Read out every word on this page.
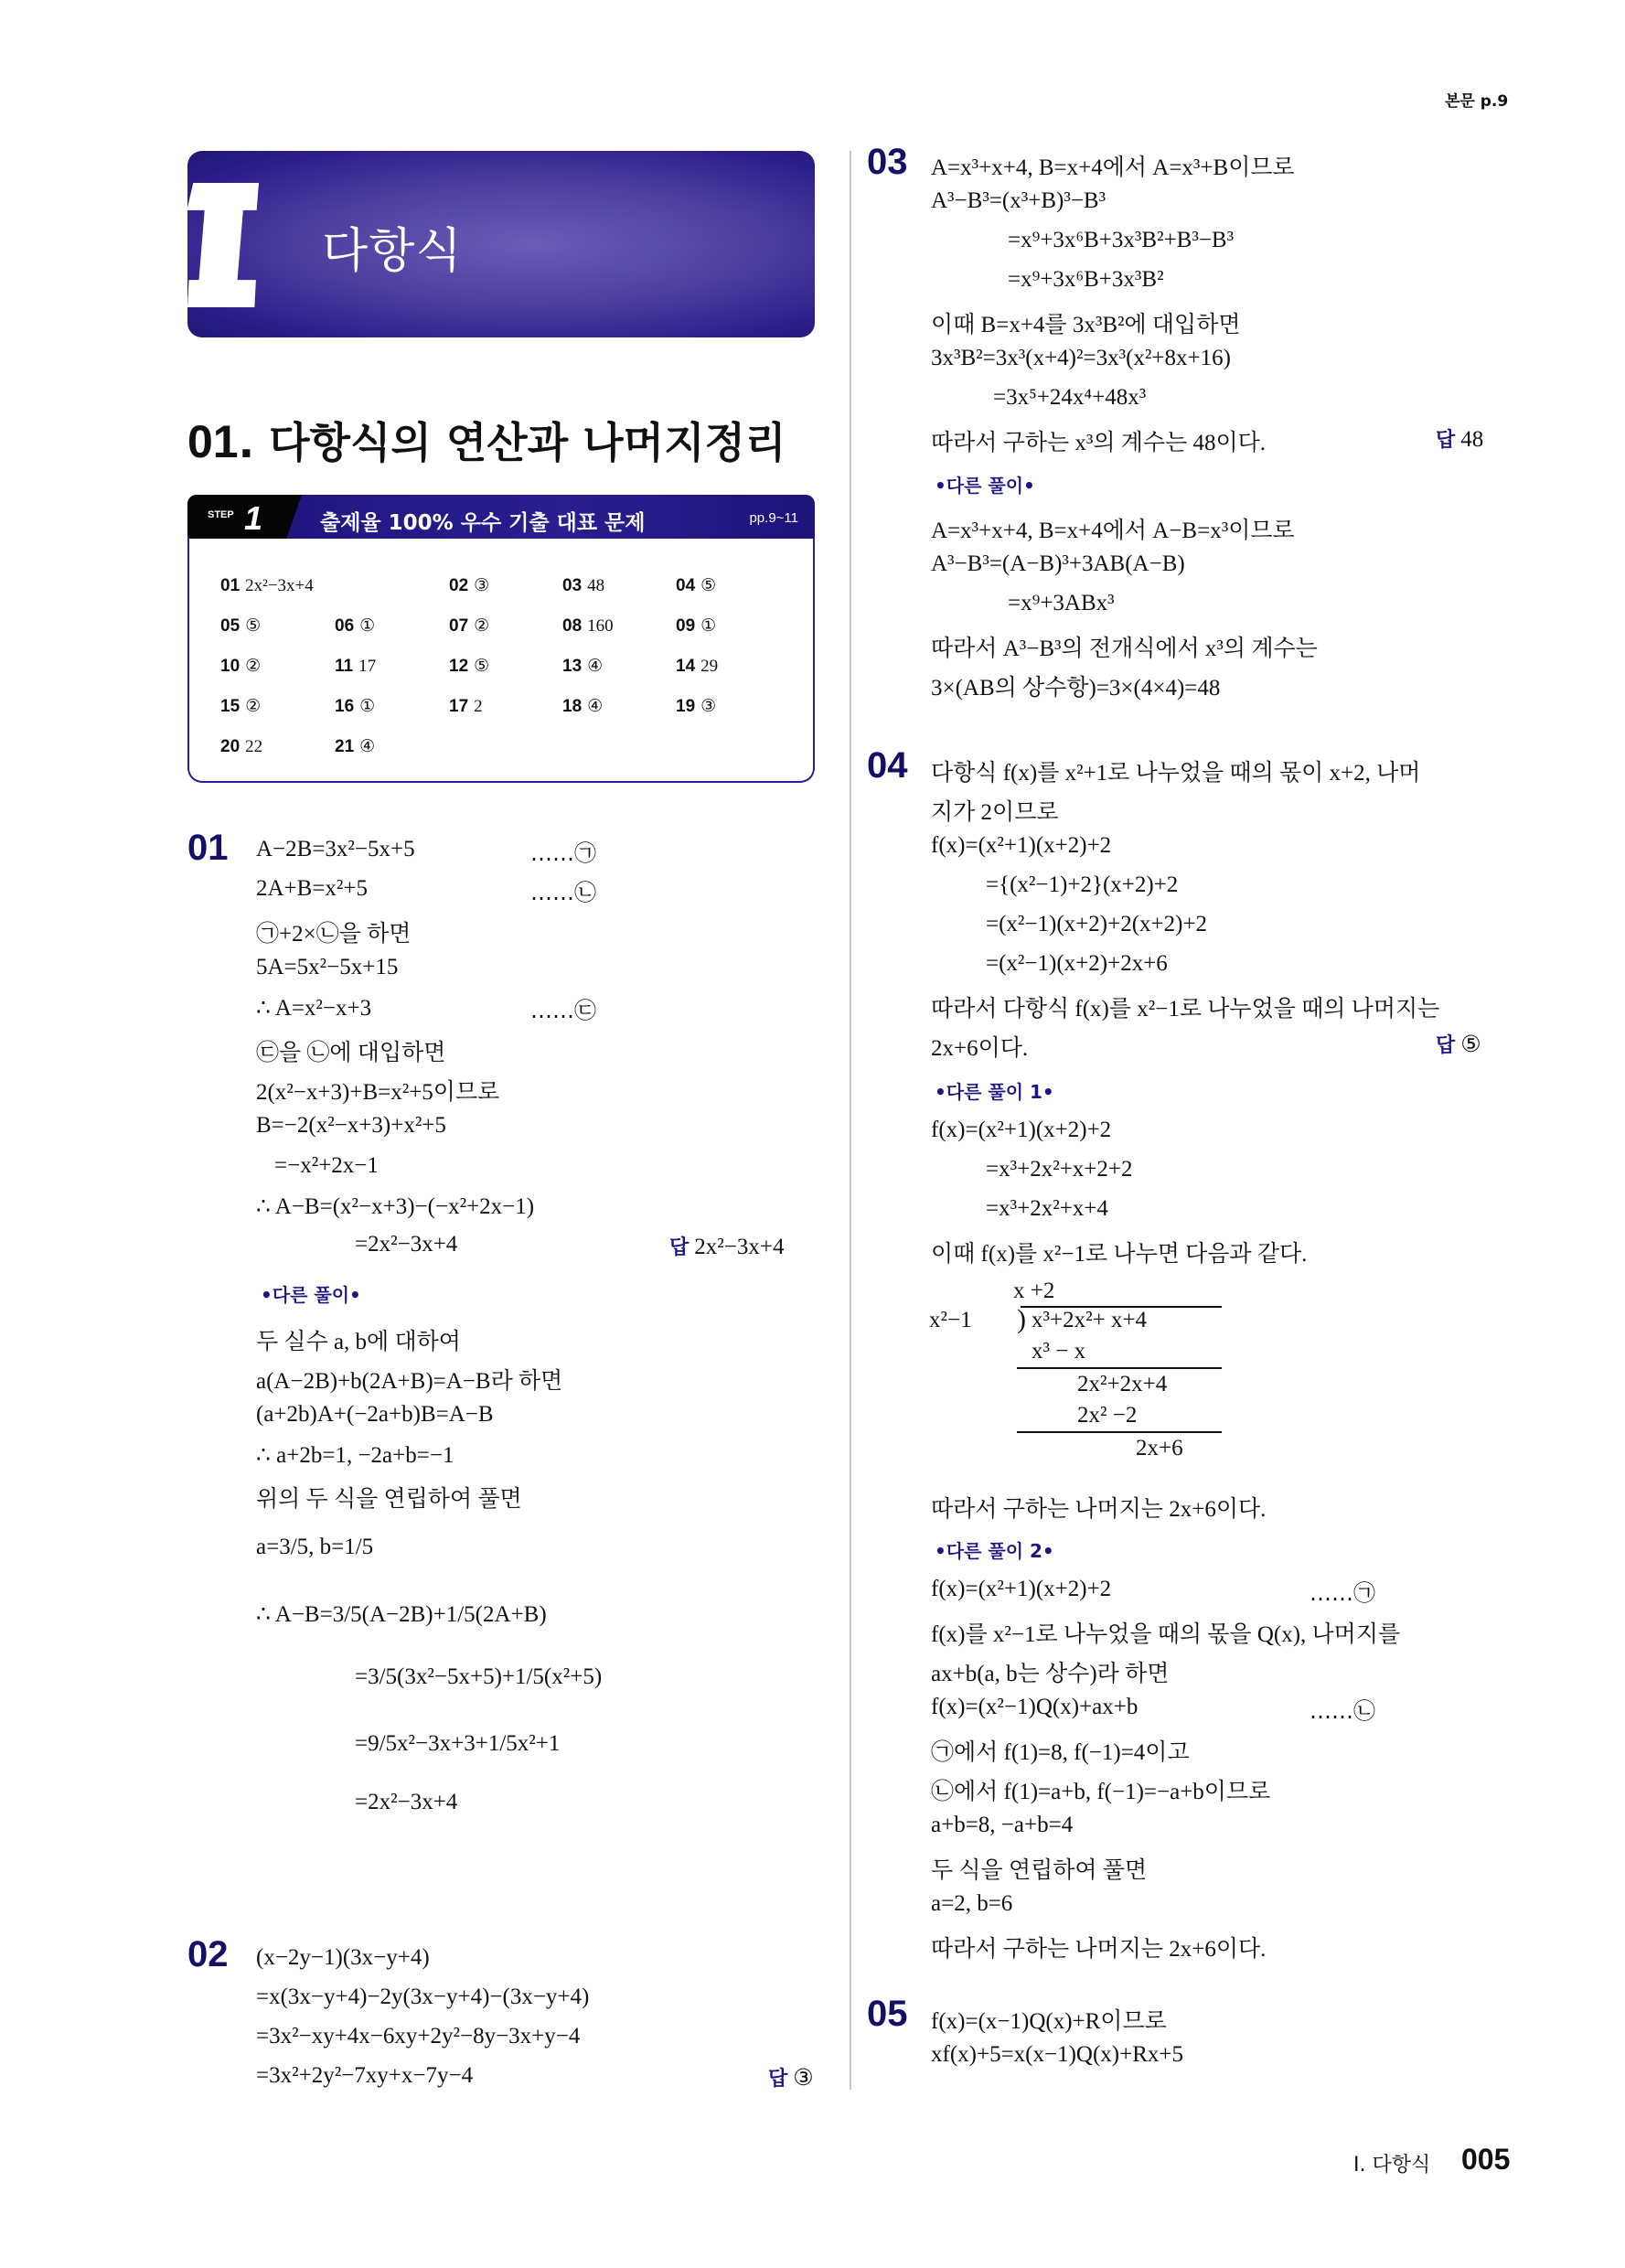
본문 p.9
다항식
01. 다항식의 연산과 나머지정리
STEP 1	출제율 100% 우수 기출 대표 문제	pp.9~11
01 2x²−3x+4	02 ③	03 48	04 ⑤
05 ⑤	06 ①	07 ②	08 160	09 ①
10 ②	11 17	12 ⑤	13 ④	14 29
15 ②	16 ①	17 2	18 ④	19 ③
20 22	21 ④
01 A−2B=3x²−5x+5	……㉠
2A+B=x²+5	……㉡
㉠+2×㉡을 하면
5A=5x²−5x+15
∴ A=x²−x+3	……㉢
㉢을 ㉡에 대입하면
2(x²−x+3)+B=x²+5이므로
B=−2(x²−x+3)+x²+5
=−x²+2x−1
∴ A−B=(x²−x+3)−(−x²+2x−1)
=2x²−3x+4	답 2x²−3x+4
•다른 풀이•
두 실수 a, b에 대하여
a(A−2B)+b(2A+B)=A−B라 하면
(a+2b)A+(−2a+b)B=A−B
∴ a+2b=1, −2a+b=−1
위의 두 식을 연립하여 풀면
a=3/5, b=1/5
∴ A−B=3/5(A−2B)+1/5(2A+B)
=3/5(3x²−5x+5)+1/5(x²+5)
=9/5x²−3x+3+1/5x²+1
=2x²−3x+4
02 (x−2y−1)(3x−y+4)
=x(3x−y+4)−2y(3x−y+4)−(3x−y+4)
=3x²−xy+4x−6xy+2y²−8y−3x+y−4
=3x²+2y²−7xy+x−7y−4	답 ③
03 A=x³+x+4, B=x+4에서 A=x³+B이므로
A³−B³=(x³+B)³−B³
=x⁹+3x⁶B+3x³B²+B³−B³
=x⁹+3x⁶B+3x³B²
이때 B=x+4를 3x³B²에 대입하면
3x³B²=3x³(x+4)²=3x³(x²+8x+16)
=3x⁵+24x⁴+48x³
따라서 구하는 x³의 계수는 48이다.	답 48
•다른 풀이•
A=x³+x+4, B=x+4에서 A−B=x³이므로
A³−B³=(A−B)³+3AB(A−B)
=x⁹+3ABx³
따라서 A³−B³의 전개식에서 x³의 계수는
3×(AB의 상수항)=3×(4×4)=48
04 다항식 f(x)를 x²+1로 나누었을 때의 몫이 x+2, 나머
지가 2이므로
f(x)=(x²+1)(x+2)+2
={(x²−1)+2}(x+2)+2
=(x²−1)(x+2)+2(x+2)+2
=(x²−1)(x+2)+2x+6
따라서 다항식 f(x)를 x²−1로 나누었을 때의 나머지는
2x+6이다.	답 ⑤
•다른 풀이 1•
f(x)=(x²+1)(x+2)+2
=x³+2x²+x+2+2
=x³+2x²+x+4
이때 f(x)를 x²−1로 나누면 다음과 같다.
x +2
x²−1 ) x³+2x²+ x+4
x³ − x
2x²+2x+4
2x² −2
2x+6
따라서 구하는 나머지는 2x+6이다.
•다른 풀이 2•
f(x)=(x²+1)(x+2)+2	……㉠
f(x)를 x²−1로 나누었을 때의 몫을 Q(x), 나머지를
ax+b(a, b는 상수)라 하면
f(x)=(x²−1)Q(x)+ax+b	……㉡
㉠에서 f(1)=8, f(−1)=4이고
㉡에서 f(1)=a+b, f(−1)=−a+b이므로
a+b=8, −a+b=4
두 식을 연립하여 풀면
a=2, b=6
따라서 구하는 나머지는 2x+6이다.
05 f(x)=(x−1)Q(x)+R이므로
xf(x)+5=x(x−1)Q(x)+Rx+5
I. 다항식 005
